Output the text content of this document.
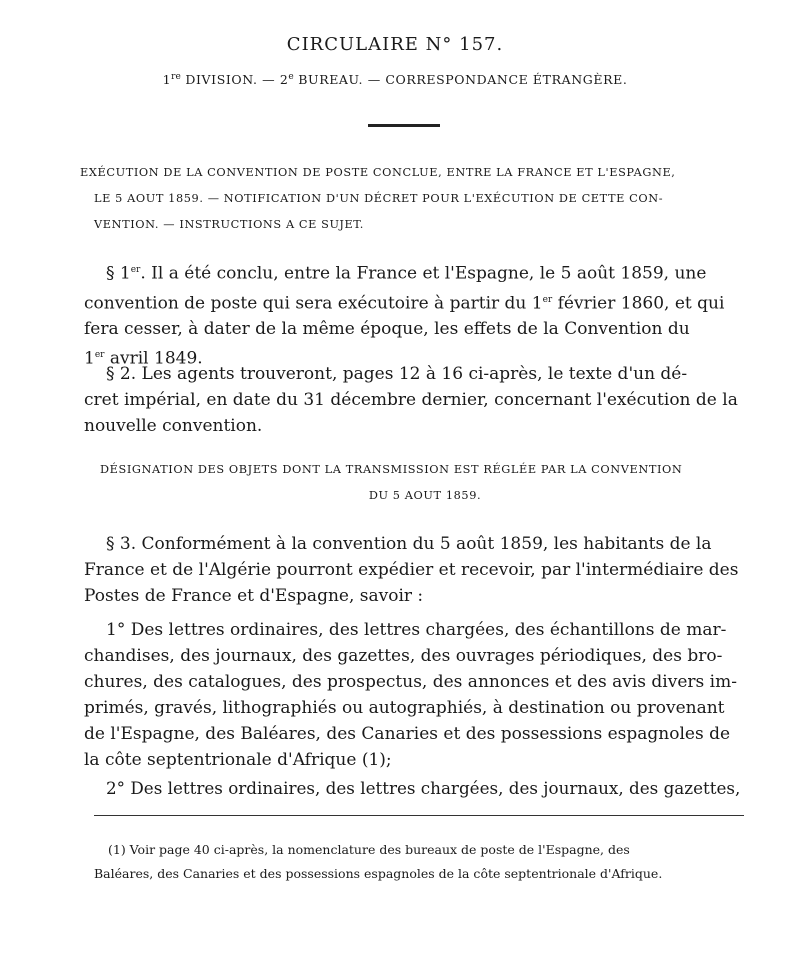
CIRCULAIRE N° 157.
1re DIVISION. — 2e BUREAU. — CORRESPONDANCE ÉTRANGÈRE.
EXÉCUTION DE LA CONVENTION DE POSTE CONCLUE, ENTRE LA FRANCE ET L'ESPAGNE,
LE 5 AOUT 1859. — NOTIFICATION D'UN DÉCRET POUR L'EXÉCUTION DE CETTE CON-
VENTION. — INSTRUCTIONS A CE SUJET.
§ 1er. Il a été conclu, entre la France et l'Espagne, le 5 août 1859, une
convention de poste qui sera exécutoire à partir du 1er février 1860, et qui
fera cesser, à dater de la même époque, les effets de la Convention du
1er avril 1849.
§ 2. Les agents trouveront, pages 12 à 16 ci-après, le texte d'un dé-
cret impérial, en date du 31 décembre dernier, concernant l'exécution de la
nouvelle convention.
DÉSIGNATION DES OBJETS DONT LA TRANSMISSION EST RÉGLÉE PAR LA CONVENTION
DU 5 AOUT 1859.
§ 3. Conformément à la convention du 5 août 1859, les habitants de la
France et de l'Algérie pourront expédier et recevoir, par l'intermédiaire des
Postes de France et d'Espagne, savoir :
1° Des lettres ordinaires, des lettres chargées, des échantillons de mar-
chandises, des journaux, des gazettes, des ouvrages périodiques, des bro-
chures, des catalogues, des prospectus, des annonces et des avis divers im-
primés, gravés, lithographiés ou autographiés, à destination ou provenant
de l'Espagne, des Baléares, des Canaries et des possessions espagnoles de
la côte septentrionale d'Afrique (1);
2° Des lettres ordinaires, des lettres chargées, des journaux, des gazettes,
(1) Voir page 40 ci-après, la nomenclature des bureaux de poste de l'Espagne, des
Baléares, des Canaries et des possessions espagnoles de la côte septentrionale d'Afrique.
